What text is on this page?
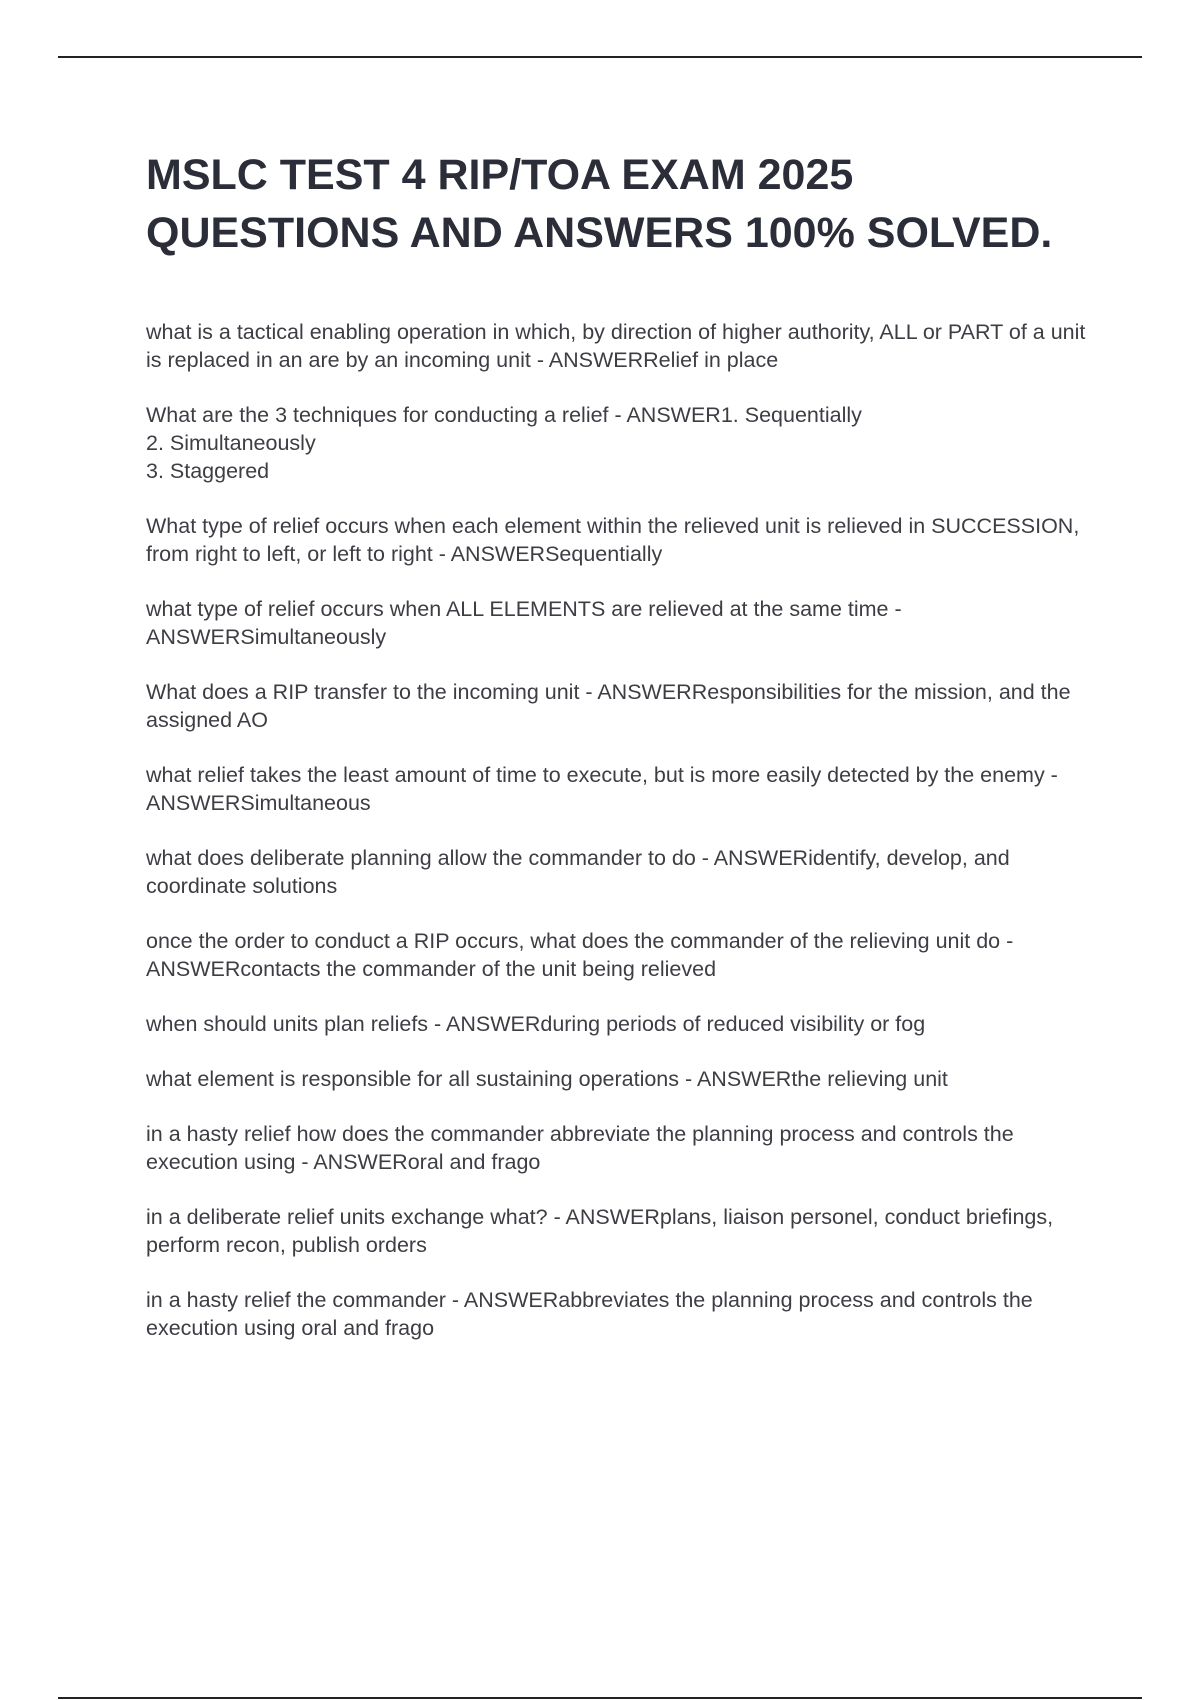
MSLC TEST 4 RIP/TOA EXAM 2025 QUESTIONS AND ANSWERS 100% SOLVED.

what is a tactical enabling operation in which, by direction of higher authority, ALL or PART of a unit is replaced in an are by an incoming unit - ANSWERRelief in place

What are the 3 techniques for conducting a relief - ANSWER1. Sequentially
2. Simultaneously
3. Staggered

What type of relief occurs when each element within the relieved unit is relieved in SUCCESSION, from right to left, or left to right - ANSWERSequentially

what type of relief occurs when ALL ELEMENTS are relieved at the same time - ANSWERSimultaneously

What does a RIP transfer to the incoming unit - ANSWERResponsibilities for the mission, and the assigned AO

what relief takes the least amount of time to execute, but is more easily detected by the enemy - ANSWERSimultaneous

what does deliberate planning allow the commander to do - ANSWERidentify, develop, and coordinate solutions

once the order to conduct a RIP occurs, what does the commander of the relieving unit do - ANSWERcontacts the commander of the unit being relieved

when should units plan reliefs - ANSWERduring periods of reduced visibility or fog

what element is responsible for all sustaining operations - ANSWERthe relieving unit

in a hasty relief how does the commander abbreviate the planning process and controls the execution using - ANSWERoral and frago

in a deliberate relief units exchange what? - ANSWERplans, liaison personel, conduct briefings, perform recon, publish orders

in a hasty relief the commander - ANSWERabbreviates the planning process and controls the execution using oral and frago
